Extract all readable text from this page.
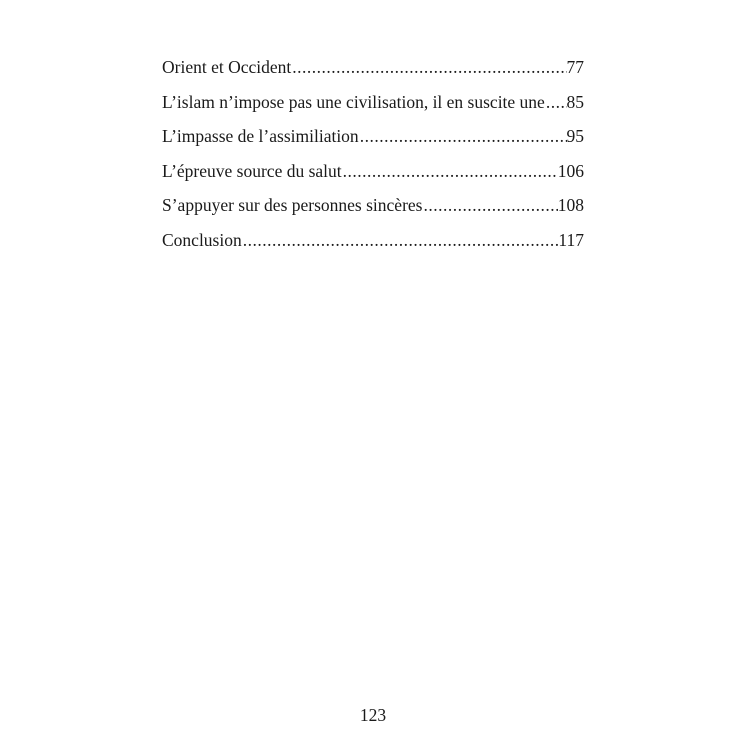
Orient et Occident .....	77
L’islam n’impose pas une civilisation, il en suscite une ..... 85
L’impasse de l’assimiliation .....	95
L’épreuve source du salut .....	106
S’appuyer sur des personnes sincères .....	108
Conclusion .....	117
123
